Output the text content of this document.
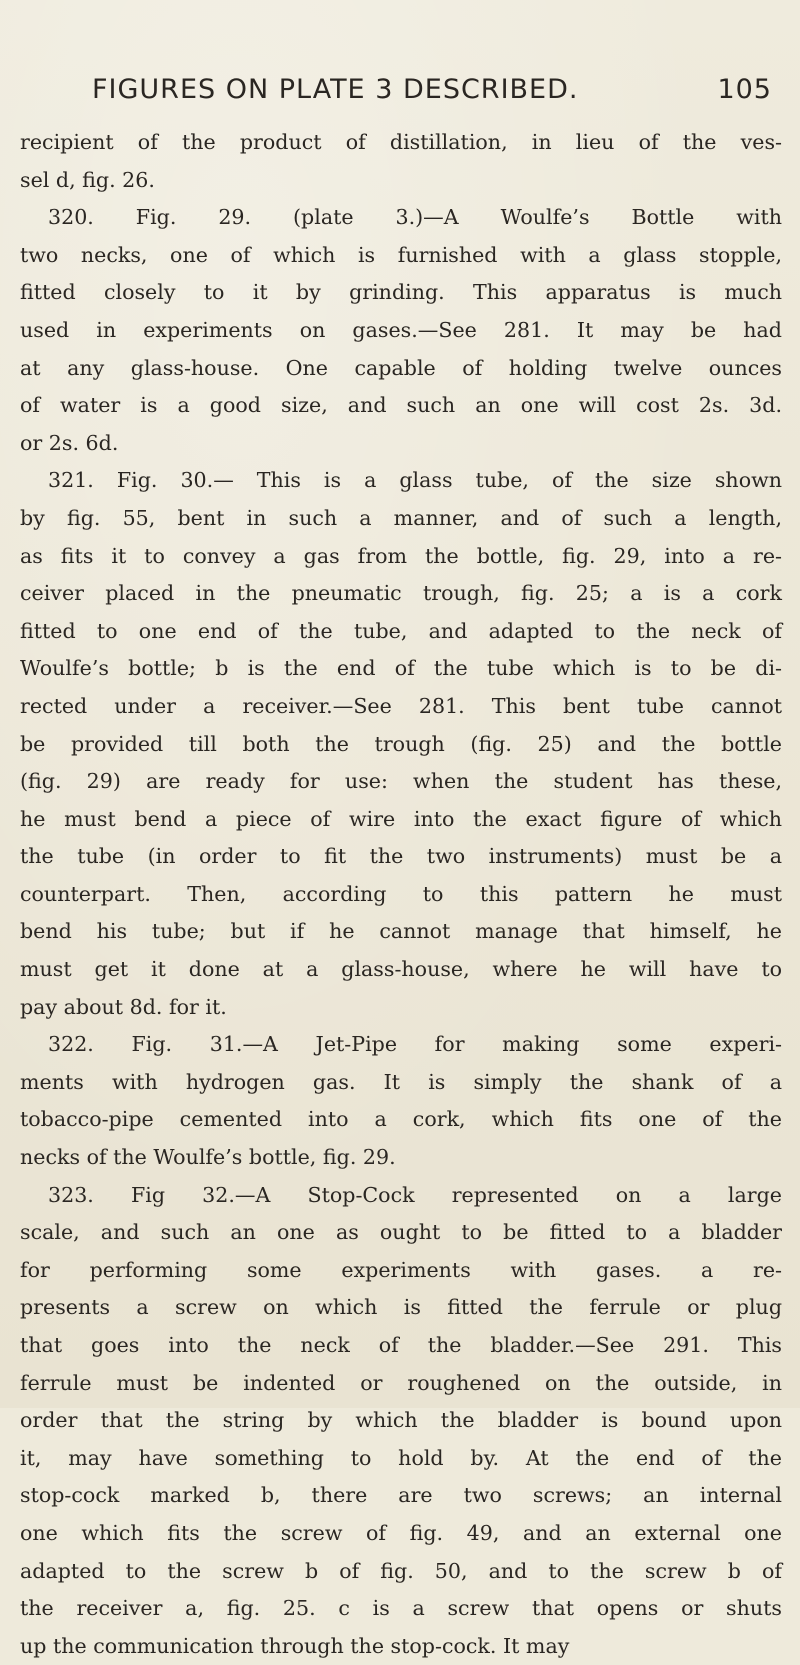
FIGURES ON PLATE 3 DESCRIBED.	105
recipient of the product of distillation, in lieu of the ves-
sel d, fig. 26.
320. Fig. 29. (plate 3.)—A Woulfe’s Bottle with
two necks, one of which is furnished with a glass stopple,
fitted closely to it by grinding. This apparatus is much
used in experiments on gases.—See 281. It may be had
at any glass-house. One capable of holding twelve ounces
of water is a good size, and such an one will cost 2s. 3d.
or 2s. 6d.
321. Fig. 30.— This is a glass tube, of the size shown
by fig. 55, bent in such a manner, and of such a length,
as fits it to convey a gas from the bottle, fig. 29, into a re-
ceiver placed in the pneumatic trough, fig. 25; a is a cork
fitted to one end of the tube, and adapted to the neck of
Woulfe’s bottle; b is the end of the tube which is to be di-
rected under a receiver.—See 281. This bent tube cannot
be provided till both the trough (fig. 25) and the bottle
(fig. 29) are ready for use: when the student has these,
he must bend a piece of wire into the exact figure of which
the tube (in order to fit the two instruments) must be a
counterpart. Then, according to this pattern he must
bend his tube; but if he cannot manage that himself, he
must get it done at a glass-house, where he will have to
pay about 8d. for it.
322. Fig. 31.—A Jet-Pipe for making some experi-
ments with hydrogen gas. It is simply the shank of a
tobacco-pipe cemented into a cork, which fits one of the
necks of the Woulfe’s bottle, fig. 29.
323. Fig 32.—A Stop-Cock represented on a large
scale, and such an one as ought to be fitted to a bladder
for performing some experiments with gases. a re-
presents a screw on which is fitted the ferrule or plug
that goes into the neck of the bladder.—See 291. This
ferrule must be indented or roughened on the outside, in
order that the string by which the bladder is bound upon
it, may have something to hold by. At the end of the
stop-cock marked b, there are two screws; an internal
one which fits the screw of fig. 49, and an external one
adapted to the screw b of fig. 50, and to the screw b of
the receiver a, fig. 25. c is a screw that opens or shuts
up the communication through the stop-cock. It may
